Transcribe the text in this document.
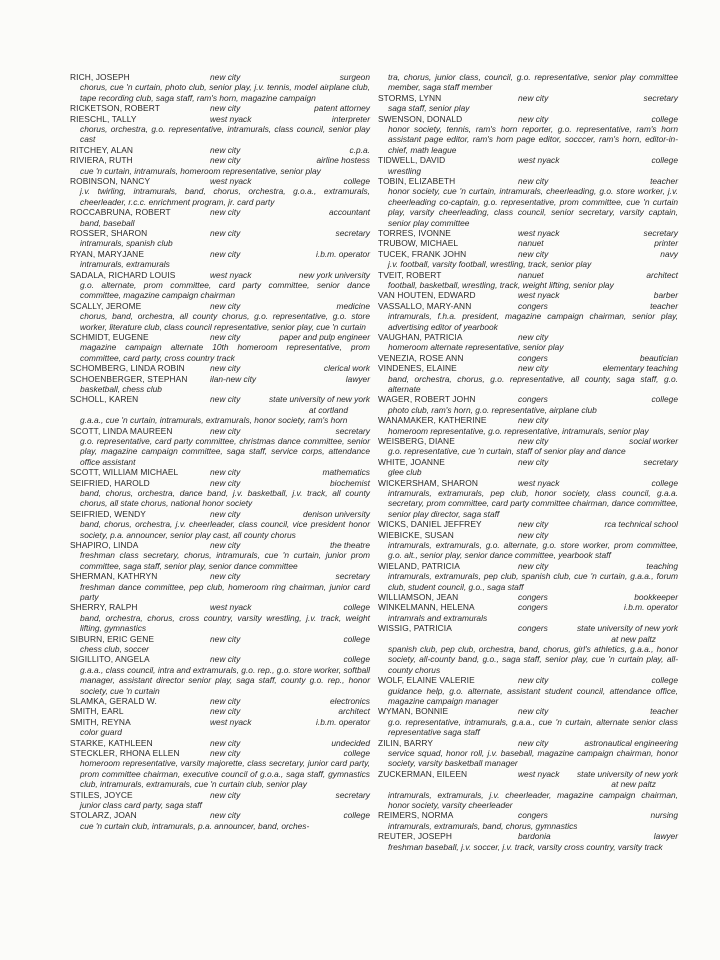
RICH, JOSEPH	new city	surgeon

chorus, cue 'n curtain, photo club, senior play, j.v. tennis, model airplane club, tape recording club, saga staff, ram's horn, magazine campaign

RICKETSON, ROBERT	new city	patent attorney
RIESCHL, TALLY	west nyack	interpreter

chorus, orchestra, g.o. representative, intramurals, class council, senior play cast

RITCHEY, ALAN	new city	c.p.a.
RIVIERA, RUTH	new city	airline hostess

cue 'n curtain, intramurals, homeroom representative, senior play

ROBINSON, NANCY	west nyack	college

j.v. twirling, intramurals, band, chorus, orchestra, g.o.a., extramurals, cheerleader, r.c.c. enrichment program, jr. card party

ROCCABRUNA, ROBERT	new city	accountant

band, baseball

ROSSER, SHARON	new city	secretary

intramurals, spanish club

RYAN, MARYJANE	new city	i.b.m. operator

intramurals, extramurals

SADALA, RICHARD LOUIS	west nyack	new york university

g.o. alternate, prom committee, card party committee, senior dance committee, magazine campaign chairman

SCALLY, JEROME	new city	medicine

chorus, band, orchestra, all county chorus, g.o. representative, g.o. store worker, literature club, class council representative, senior play, cue 'n curtain

SCHMIDT, EUGENE	new city	paper and pulp engineer

magazine campaign alternate 10th homeroom representative, prom committee, card party, cross country track

SCHOMBERG, LINDA ROBIN	new city	clerical work
SCHOENBERGER, STEPHAN	ilan-new city	lawyer

basketball, chess club

SCHOLL, KAREN	new city	state university of new york

at cortland

g.a.a., cue 'n curtain, intramurals, extramurals, honor society, ram's horn

SCOTT, LINDA MAUREEN	new city	secretary

g.o. representative, card party committee, christmas dance committee, senior play, magazine campaign committee, saga staff, service corps, attendance office assistant

SCOTT, WILLIAM MICHAEL	new city	mathematics
SEIFRIED, HAROLD	new city	biochemist

band, chorus, orchestra, dance band, j.v. basketball, j.v. track, all county chorus, all state chorus, national honor society

SEIFRIED, WENDY	new city	denison university

band, chorus, orchestra, j.v. cheerleader, class council, vice president honor society, p.a. announcer, senior play cast, all county chorus

SHAPIRO, LINDA	new city	the theatre

freshman class secretary, chorus, intramurals, cue 'n curtain, junior prom committee, saga staff, senior play, senior dance committee

SHERMAN, KATHRYN	new city	secretary

freshman dance committee, pep club, homeroom ring chairman, junior card party

SHERRY, RALPH	west nyack	college

band, orchestra, chorus, cross country, varsity wrestling, j.v. track, weight lifting, gymnastics

SIBURN, ERIC GENE	new city	college

chess club, soccer

SIGILLITO, ANGELA	new city	college

g.a.a., class council, intra and extramurals, g.o. rep., g.o. store worker, softball manager, assistant director senior play, saga staff, county g.o. rep., honor society, cue 'n curtain

SLAMKA, GERALD W.	new city	electronics
SMITH, EARL	new city	architect
SMITH, REYNA	west nyack	i.b.m. operator

color guard

STARKE, KATHLEEN	new city	undecided
STECKLER, RHONA ELLEN	new city	college

homeroom representative, varsity majorette, class secretary, junior card party, prom committee chairman, executive council of g.o.a., saga staff, gymnastics club, intramurals, extramurals, cue 'n curtain club, senior play

STILES, JOYCE	new city	secretary

junior class card party, saga staff

STOLARZ, JOAN	new city	college

cue 'n curtain club, intramurals, p.a. announcer, band, orches-

tra, chorus, junior class, council, g.o. representative, senior play committee member, saga staff member

STORMS, LYNN	new city	secretary

saga staff, senior play

SWENSON, DONALD	new city	college

honor society, tennis, ram's horn reporter, g.o. representative, ram's horn assistant page editor, ram's horn page editor, socccer, ram's horn, editor-in-chief, math league

TIDWELL, DAVID	west nyack	college

wrestling

TOBIN, ELIZABETH	new city	teacher

honor society, cue 'n curtain, intramurals, cheerleading, g.o. store worker, j.v. cheerleading co-captain, g.o. representative, prom committee, cue 'n curtain play, varsity cheerleading, class council, senior secretary, varsity captain, senior play committee

TORRES, IVONNE	west nyack	secretary
TRUBOW, MICHAEL	nanuet	printer
TUCEK, FRANK JOHN	new city	navy

j.v. football, varsity football, wrestling, track, senior play

TVEIT, ROBERT	nanuet	architect

football, basketball, wrestling, track, weight lifting, senior play

VAN HOUTEN, EDWARD	west nyack	barber
VASSALLO, MARY-ANN	congers	teacher

intramurals, f.h.a. president, magazine campaign chairman, senior play, advertising editor of yearbook

VAUGHAN, PATRICIA	new city

homeroom alternate representative, senior play

VENEZIA, ROSE ANN	congers	beautician
VINDENES, ELAINE	new city	elementary teaching

band, orchestra, chorus, g.o. representative, all county, saga staff, g.o. alternate

WAGER, ROBERT JOHN	congers	college

photo club, ram's horn, g.o. representative, airplane club

WANAMAKER, KATHERINE	new city

homeroom representative, g.o. representative, intramurals, senior play

WEISBERG, DIANE	new city	social worker

g.o. representative, cue 'n curtain, staff of senior play and dance

WHITE, JOANNE	new city	secretary

glee club

WICKERSHAM, SHARON	west nyack	college

intramurals, extramurals, pep club, honor society, class council, g.a.a. secretary, prom committee, card party committee chairman, dance committee, senior play director, saga staff

WICKS, DANIEL JEFFREY	new city	rca technical school
WIEBICKE, SUSAN	new city

intramurals, extramurals, g.o. alternate, g.o. store worker, prom committee, g.o. alt., senior play, senior dance committee, yearbook staff

WIELAND, PATRICIA	new city	teaching

intramurals, extramurals, pep club, spanish club, cue 'n curtain, g.a.a., forum club, student council, g.o., saga staff

WILLIAMSON, JEAN	congers	bookkeeper
WINKELMANN, HELENA	congers	i.b.m. operator

intramrals and extramurals

WISSIG, PATRICIA	congers	state university of new york

at new paltz

spanish club, pep club, orchestra, band, chorus, girl's athletics, g.a.a., honor society, all-county band, g.o., saga staff, senior play, cue 'n curtain play, all-county chorus

WOLF, ELAINE VALERIE	new city	college

guidance help, g.o. alternate, assistant student council, attendance office, magazine campaign manager

WYMAN, BONNIE	new city	teacher

g.o. representative, intramurals, g.a.a., cue 'n curtain, alternate senior class representative saga staff

ZILIN, BARRY	new city	astronautical engineering

service squad, honor roll, j.v. baseball, magazine campaign chairman, honor society, varsity basketball manager

ZUCKERMAN, EILEEN	west nyack state university of new york

at new paltz

intramurals, extramurals, j.v. cheerleader, magazine campaign chairman, honor society, varsity cheerleader

REIMERS, NORMA	congers	nursing

intramurals, extramurals, band, chorus, gymnastics

REUTER, JOSEPH	bardonia	lawyer

freshman baseball, j.v. soccer, j.v. track, varsity cross country, varsity track
